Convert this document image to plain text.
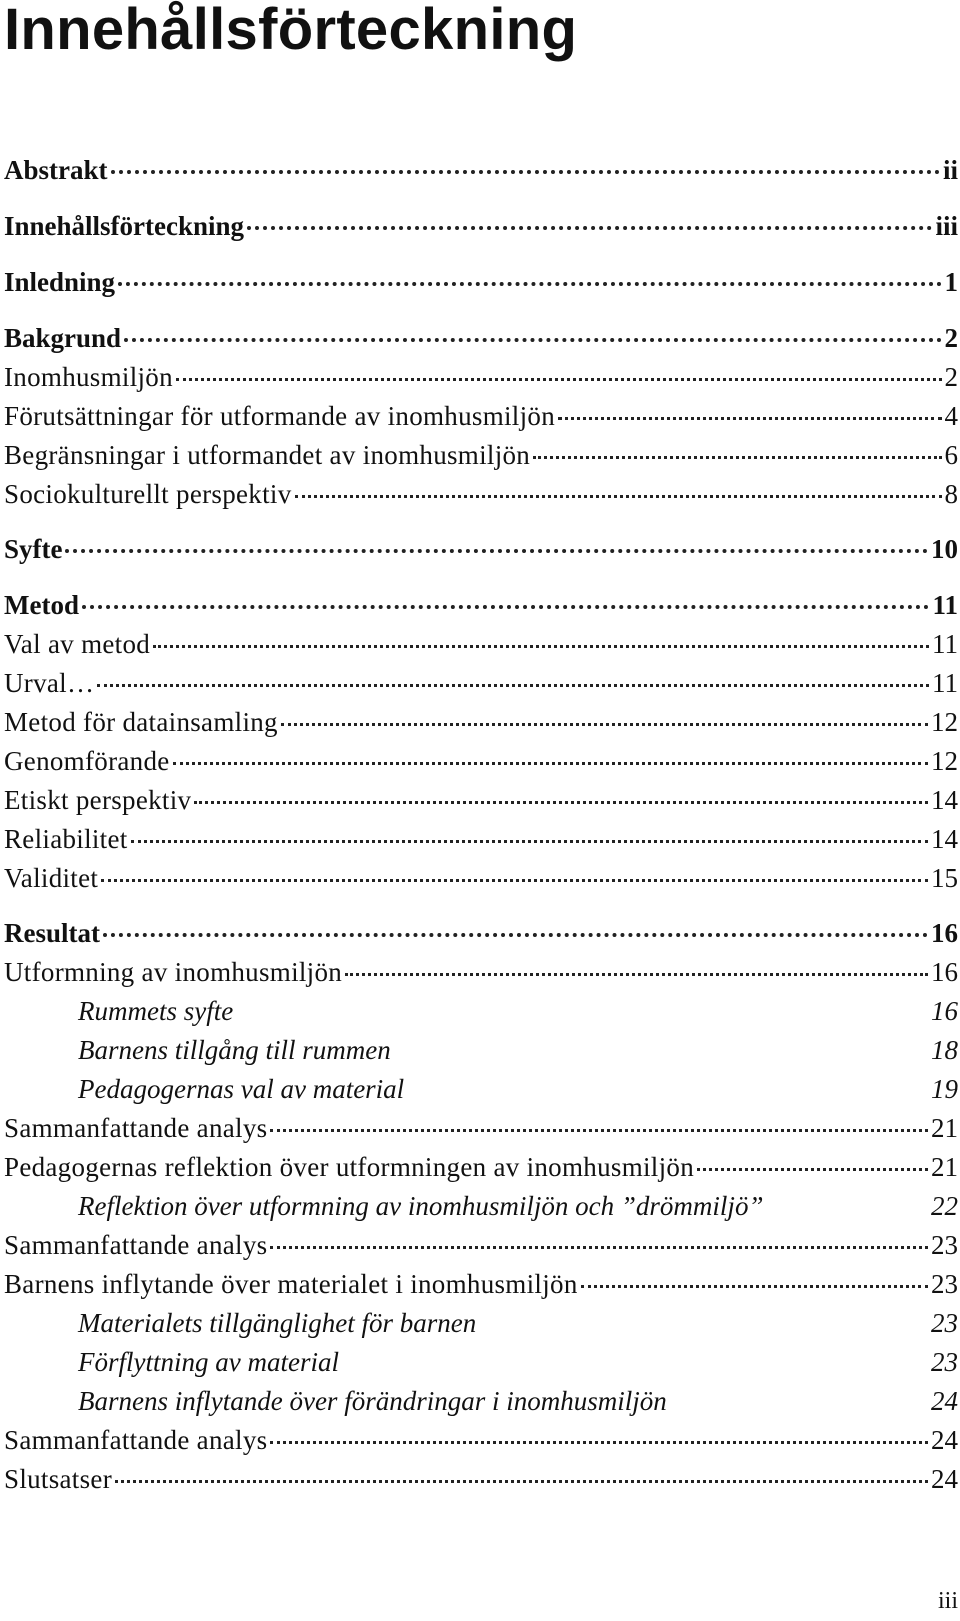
Innehållsförteckning
Abstrakt	ii
Innehållsförteckning	iii
Inledning	1
Bakgrund	2
Inomhusmiljön	2
Förutsättningar för utformande av inomhusmiljön	4
Begränsningar i utformandet av inomhusmiljön	6
Sociokulturellt perspektiv	8
Syfte	10
Metod	11
Val av metod	11
Urval…	11
Metod för datainsamling	12
Genomförande	12
Etiskt perspektiv	14
Reliabilitet	14
Validitet	15
Resultat	16
Utformning av inomhusmiljön	16
Rummets syfte	16
Barnens tillgång till rummen	18
Pedagogernas val av material	19
Sammanfattande analys	21
Pedagogernas reflektion över utformningen av inomhusmiljön	21
Reflektion över utformning av inomhusmiljön och ”drömmiljö”	22
Sammanfattande analys	23
Barnens inflytande över materialet i inomhusmiljön	23
Materialets tillgänglighet för barnen	23
Förflyttning av material	23
Barnens inflytande över förändringar i inomhusmiljön	24
Sammanfattande analys	24
Slutsatser	24
iii
